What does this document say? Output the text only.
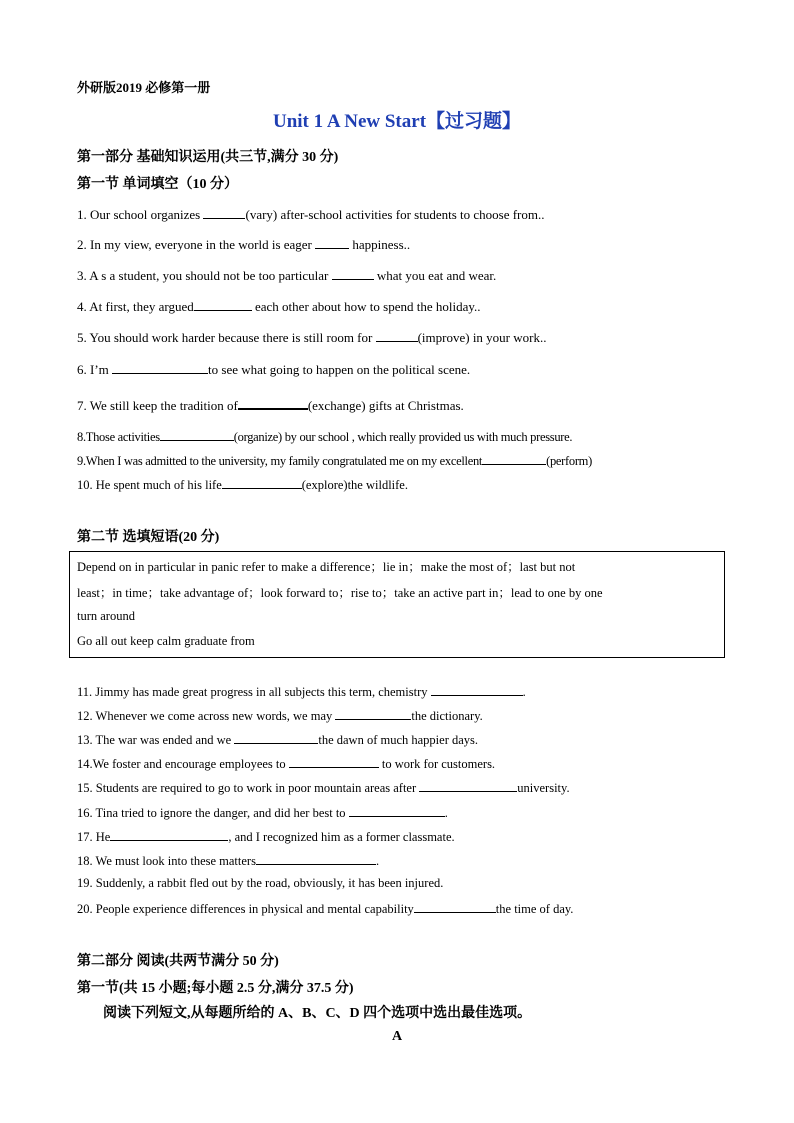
外研版2019 必修第一册
Unit 1 A New Start【过习题】
第一部分 基础知识运用(共三节,满分 30 分)
第一节 单词填空（10 分）
1. Our school organizes	(vary) after-school activities for students to choose from..
2. In my view, everyone in the world is eager	happiness..
3. A s a student, you should not be too particular	what you eat and wear.
4. At first, they argued	each other about how to spend the holiday..
5. You should work harder because there is still room for	(improve) in your work..
6. I’m	to see what going to happen on the political scene.
7. We still keep the tradition of	(exchange) gifts at Christmas.
8.Those activities	(organize) by our school , which really provided us with much pressure.
9.When I was admitted to the university, my family congratulated me on my excellent	(perform)
10. He spent much of his life	(explore)the wildlife.
第二节 选填短语(20 分)
Depend on in particular in panic refer to make a difference；lie in；make the most of；last but not
least；in time；take advantage of；look forward to；rise to；take an active part in；lead to one by one
turn around
Go all out keep calm graduate from
11. Jimmy has made great progress in all subjects this term, chemistry	.
12. Whenever we come across new words, we may	the dictionary.
13. The war was ended and we	the dawn of much happier days.
14.We foster and encourage employees to	to work for customers.
15. Students are required to go to work in poor mountain areas after	university.
16. Tina tried to ignore the danger, and did her best to	.
17. He	, and I recognized him as a former classmate.
18. We must look into these matters	.
19. Suddenly, a rabbit fled out by the road, obviously, it has been injured.
20. People experience differences in physical and mental capability	the time of day.
第二部分 阅读(共两节满分 50 分)
第一节(共 15 小题;每小题 2.5 分,满分 37.5 分)
阅读下列短文,从每题所给的 A、B、C、D 四个选项中选出最佳选项。
A
